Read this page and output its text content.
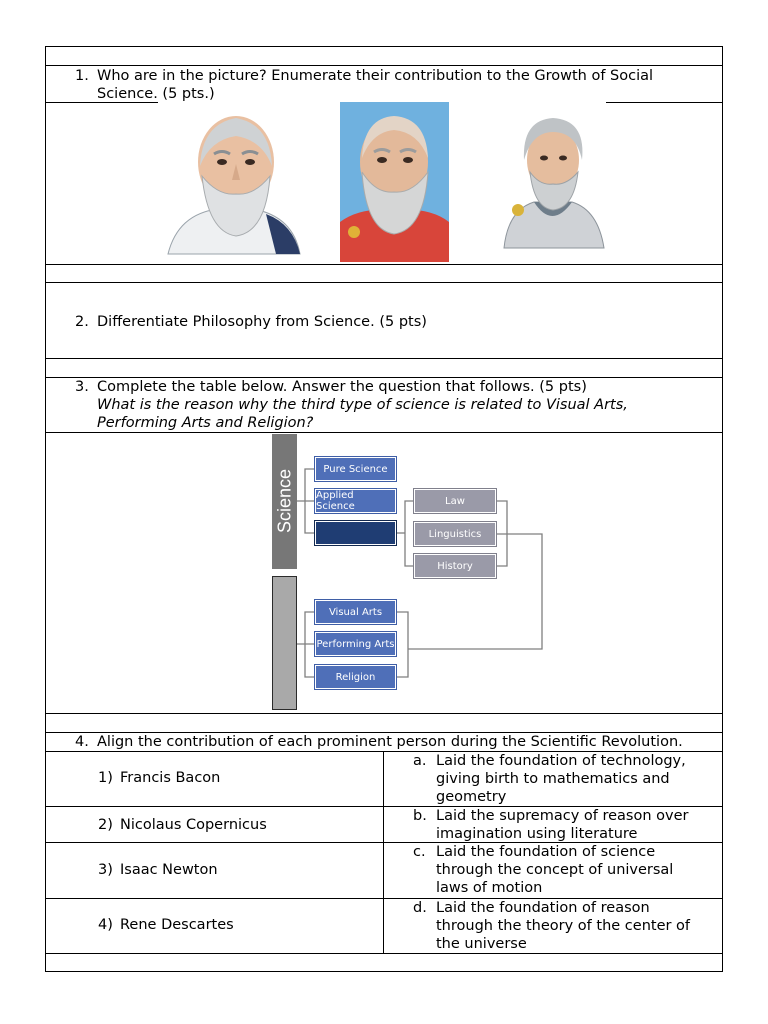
1. Who are in the picture? Enumerate their contribution to the Growth of Social
Science. (5 pts.)
2. Differentiate Philosophy from Science. (5 pts)
3. Complete the table below. Answer the question that follows. (5 pts)
What is the reason why the third type of science is related to Visual Arts,
Performing Arts and Religion?
Science	Pure Science
Applied Science	Law
Linguistics
History
Visual Arts
Performing Arts
Religion
4. Align the contribution of each prominent person during the Scientific Revolution.
1) Francis Bacon
a. Laid the foundation of technology,
giving birth to mathematics and
geometry
2) Nicolaus Copernicus
b. Laid the supremacy of reason over
imagination using literature
3) Isaac Newton
c. Laid the foundation of science
through the concept of universal
laws of motion
4) Rene Descartes
d. Laid the foundation of reason
through the theory of the center of
the universe
